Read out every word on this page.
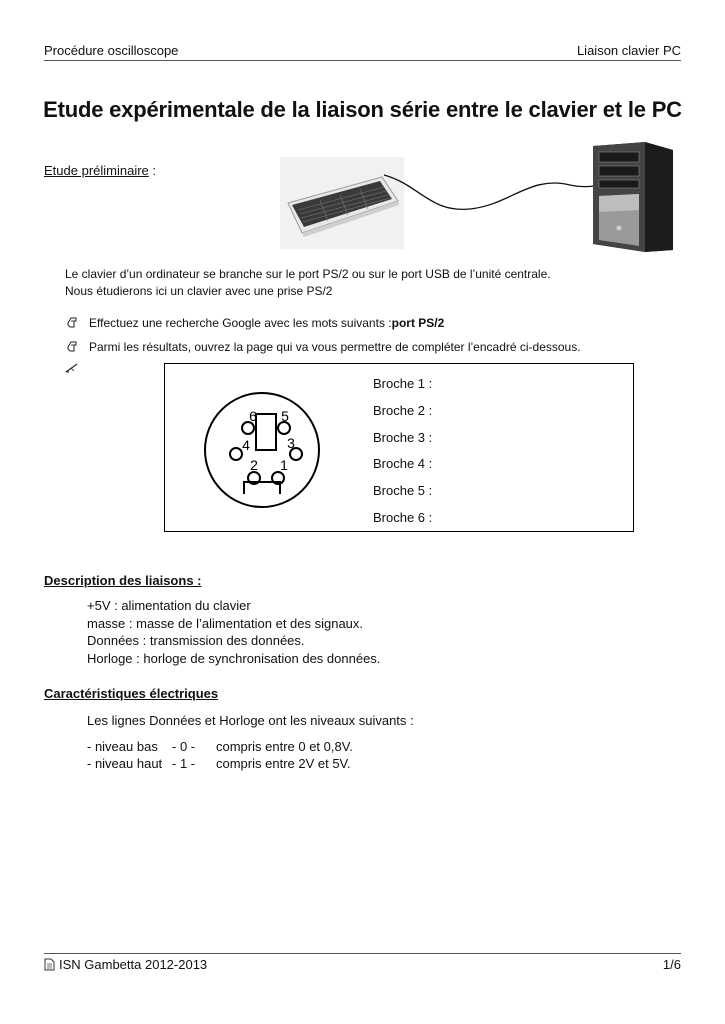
Procédure oscilloscope	Liaison clavier PC
Etude expérimentale de la liaison série entre le clavier et le PC
Etude préliminaire :
Le clavier d’un ordinateur se branche sur le port PS/2 ou sur le port USB de l’unité centrale.
Nous étudierons ici un clavier avec une prise PS/2
Effectuez une recherche Google avec les mots suivants : port PS/2
Parmi les résultats, ouvrez la page qui va vous permettre de compléter l’encadré ci-dessous.
6 5
4	3
2 1
Broche 1 :
Broche 2 :
Broche 3 :
Broche 4 :
Broche 5 :
Broche 6 :
Description des liaisons :
+5V : alimentation du clavier
masse : masse de l’alimentation et des signaux.
Données : transmission des données.
Horloge : horloge de synchronisation des données.
Caractéristiques électriques
Les lignes Données et Horloge ont les niveaux suivants :
- niveau bas - 0 - compris entre 0 et 0,8V.
- niveau haut - 1 - compris entre 2V et 5V.
ISN Gambetta 2012-2013	1/6
